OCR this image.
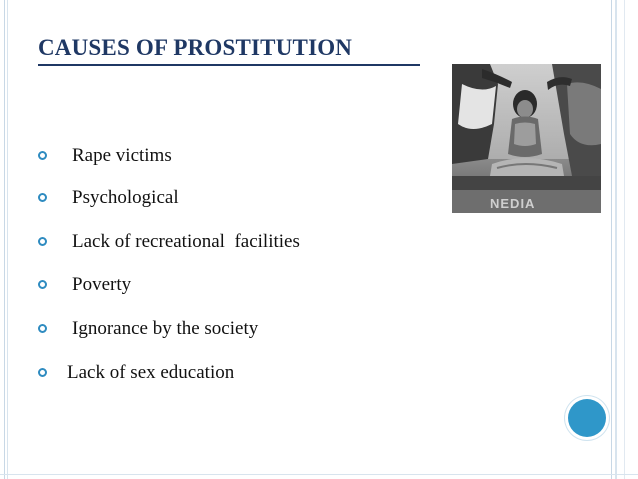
CAUSES OF PROSTITUTION
NEDIA
Rape victims
Psychological
Lack of recreational  facilities
Poverty
Ignorance by the society
Lack of sex education
